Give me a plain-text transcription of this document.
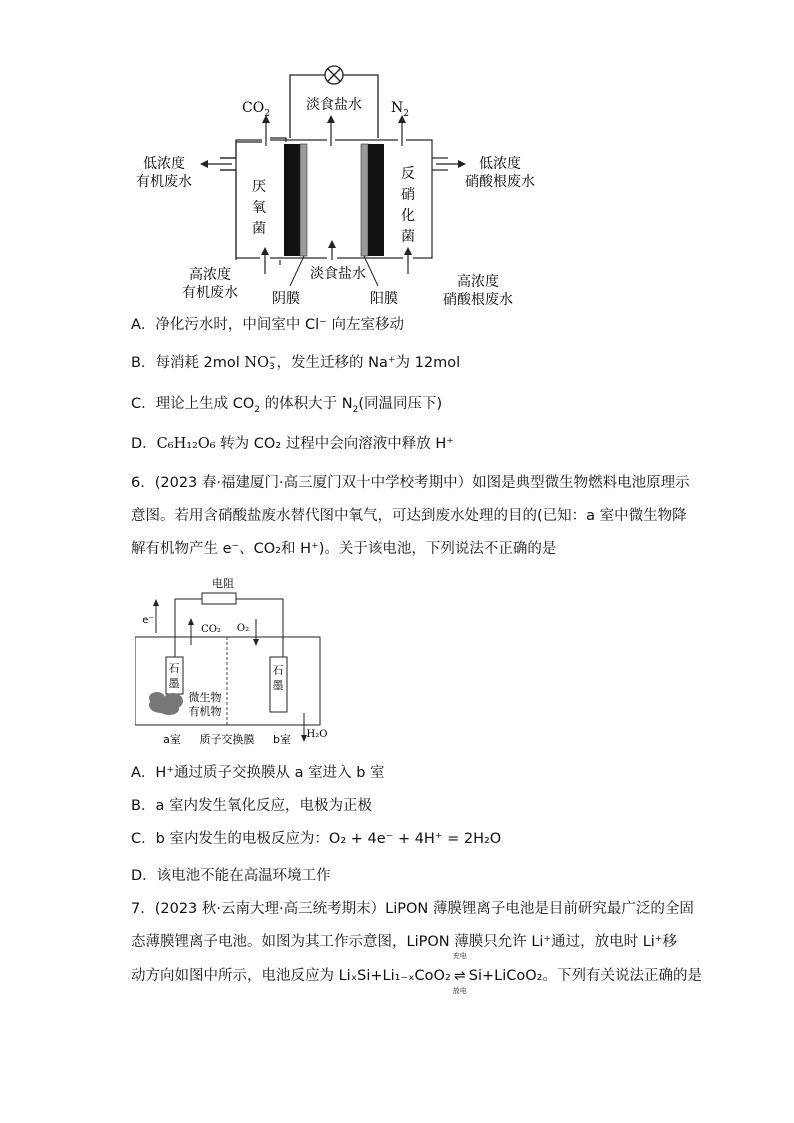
淡食盐水
$CO_2$	$N_2$
低浓度
有机废水
低浓度
硝酸根废水
厌
氧
菌
反
硝
化
菌
高浓度
有机废水
高浓度
硝酸根废水
淡食盐水
阴膜	阳膜
A．净化污水时，中间室中 Cl⁻ 向左室移动
B．每消耗 2mol NO −
3 ，发生迁移的 Na⁺为 12mol
C．理论上生成 $CO_2$ 的体积大于 $N_2$(同温同压下)
D．C₆H₁₂O₆ 转为 CO₂ 过程中会向溶液中释放 H⁺
6．(2023 春·福建厦门·高三厦门双十中学校考期中）如图是典型微生物燃料电池原理示
意图。若用含硝酸盐废水替代图中氧气，可达到废水处理的目的(已知：a 室中微生物降
解有机物产生 e⁻、CO₂和 H⁺)。关于该电池，下列说法不正确的是
电阻
e⁻
石
墨
石
墨
CO₂ O₂
微生物
有机物
H₂O
a室 质子交换膜 b室
A．H⁺通过质子交换膜从 a 室进入 b 室
B．a 室内发生氧化反应，电极为正极
C．b 室内发生的电极反应为：O₂ + 4e⁻ + 4H⁺ = 2H₂O
D．该电池不能在高温环境工作
7．(2023 秋·云南大理·高三统考期末）LiPON 薄膜锂离子电池是目前研究最广泛的全固
态薄膜锂离子电池。如图为其工作示意图，LiPON 薄膜只允许 Li⁺通过，放电时 Li⁺移
动方向如图中所示，电池反应为 LiₓSi+Li₁₋ₓCoO₂
充电
⇌
放电
Si+LiCoO₂。下列有关说法正确的是
